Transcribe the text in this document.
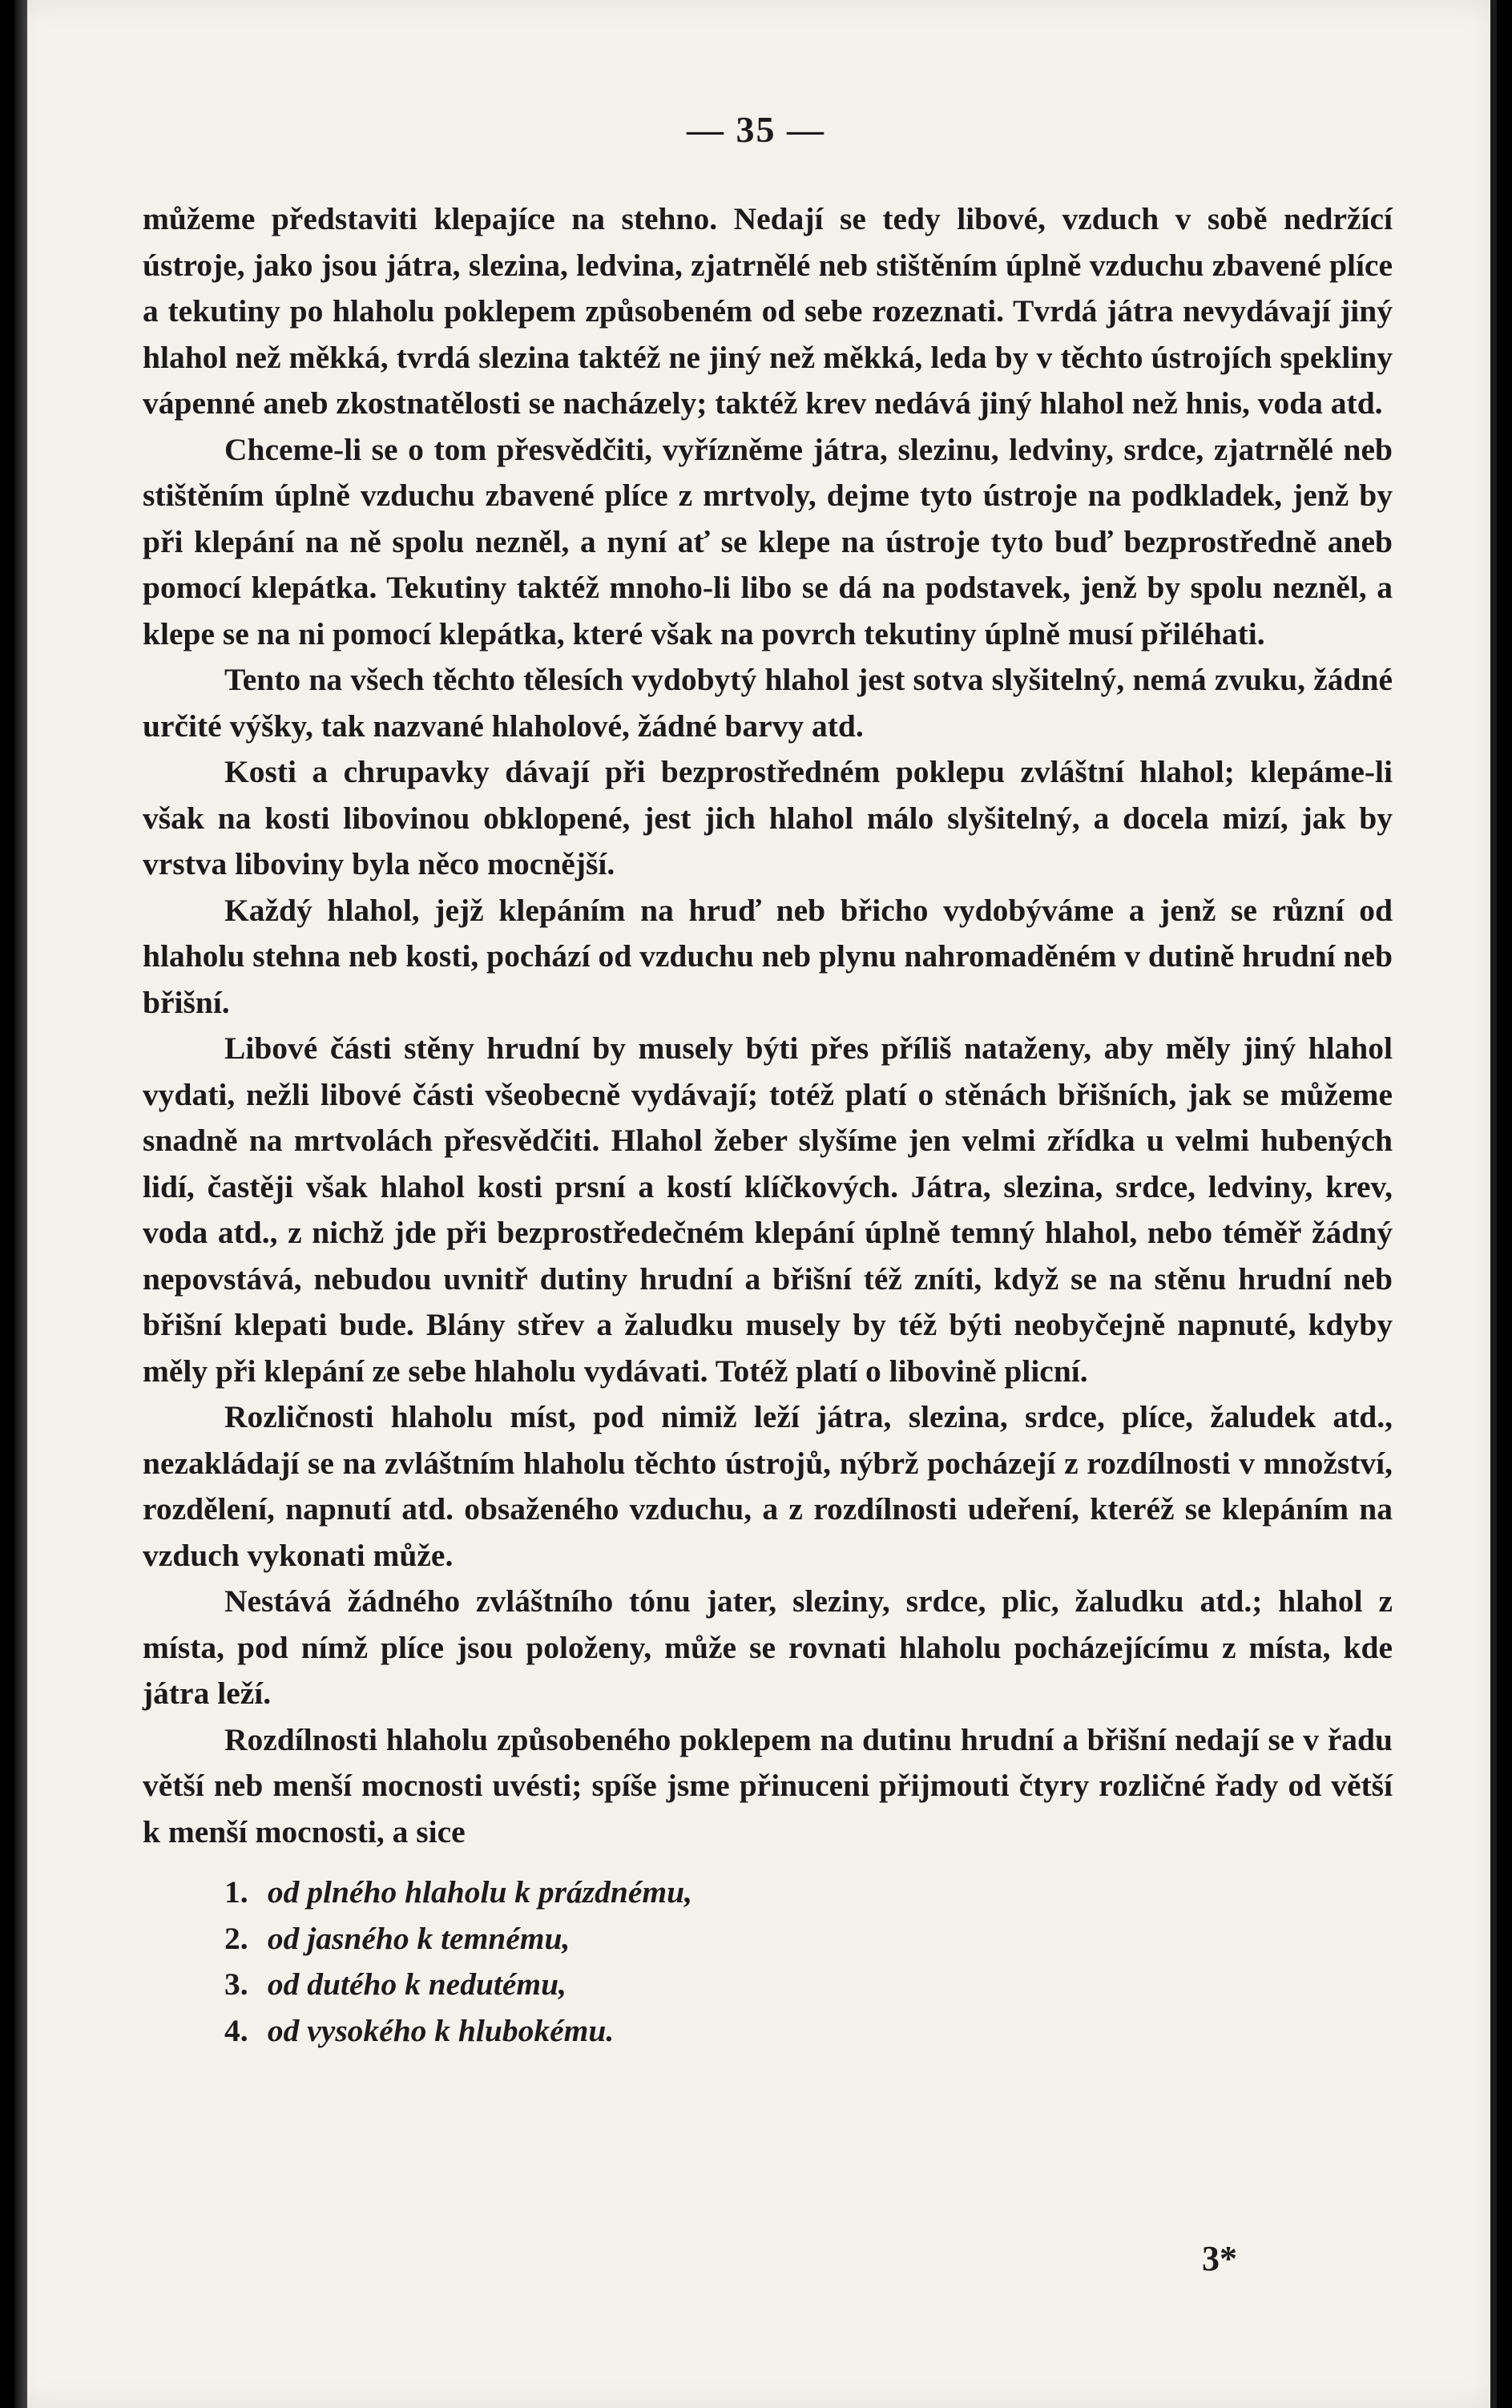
— 35 —

můžeme představiti klepajíce na stehno. Nedají se tedy libové, vzduch v sobě nedržící ústroje, jako jsou játra, slezina, ledvina, zjatrnělé neb stištěním úplně vzduchu zbavené plíce a tekutiny po hlaholu poklepem způsobeném od sebe rozeznati. Tvrdá játra nevydávají jiný hlahol než měkká, tvrdá slezina taktéž ne jiný než měkká, leda by v těchto ústrojích spekliny vápenné aneb zkostnatělosti se nacházely; taktéž krev nedává jiný hlahol než hnis, voda atd.

Chceme-li se o tom přesvědčiti, vyřízněme játra, slezinu, ledviny, srdce, zjatrnělé neb stištěním úplně vzduchu zbavené plíce z mrtvoly, dejme tyto ústroje na podkladek, jenž by při klepání na ně spolu nezněl, a nyní ať se klepe na ústroje tyto buď bezprostředně aneb pomocí klepátka. Tekutiny taktéž mnoho-li libo se dá na podstavek, jenž by spolu nezněl, a klepe se na ni pomocí klepátka, které však na povrch tekutiny úplně musí přiléhati.

Tento na všech těchto tělesích vydobytý hlahol jest sotva slyšitelný, nemá zvuku, žádné určité výšky, tak nazvané hlaholové, žádné barvy atd.

Kosti a chrupavky dávají při bezprostředném poklepu zvláštní hlahol; klepáme-li však na kosti libovinou obklopené, jest jich hlahol málo slyšitelný, a docela mizí, jak by vrstva liboviny byla něco mocnější.

Každý hlahol, jejž klepáním na hruď neb břicho vydobýváme a jenž se různí od hlaholu stehna neb kosti, pochází od vzduchu neb plynu nahromaděném v dutině hrudní neb břišní.

Libové části stěny hrudní by musely býti přes příliš nataženy, aby měly jiný hlahol vydati, nežli libové části všeobecně vydávají; totéž platí o stěnách břišních, jak se můžeme snadně na mrtvolách přesvědčiti. Hlahol žeber slyšíme jen velmi zřídka u velmi hubených lidí, častěji však hlahol kosti prsní a kostí klíčkových. Játra, slezina, srdce, ledviny, krev, voda atd., z nichž jde při bezprostředečném klepání úplně temný hlahol, nebo téměř žádný nepovstává, nebudou uvnitř dutiny hrudní a břišní též zníti, když se na stěnu hrudní neb břišní klepati bude. Blány střev a žaludku musely by též býti neobyčejně napnuté, kdyby měly při klepání ze sebe hlaholu vydávati. Totéž platí o libovině plicní.

Rozličnosti hlaholu míst, pod nimiž leží játra, slezina, srdce, plíce, žaludek atd., nezakládají se na zvláštním hlaholu těchto ústrojů, nýbrž pocházejí z rozdílnosti v množství, rozdělení, napnutí atd. obsaženého vzduchu, a z rozdílnosti udeření, kteréž se klepáním na vzduch vykonati může.

Nestává žádného zvláštního tónu jater, sleziny, srdce, plic, žaludku atd.; hlahol z místa, pod nímž plíce jsou položeny, může se rovnati hlaholu pocházejícímu z místa, kde játra leží.

Rozdílnosti hlaholu způsobeného poklepem na dutinu hrudní a břišní nedají se v řadu větší neb menší mocnosti uvésti; spíše jsme přinuceni přijmouti čtyry rozličné řady od větší k menší mocnosti, a sice

1. od plného hlaholu k prázdnému,
2. od jasného k temnému,
3. od dutého k nedutému,
4. od vysokého k hlubokému.
3*
